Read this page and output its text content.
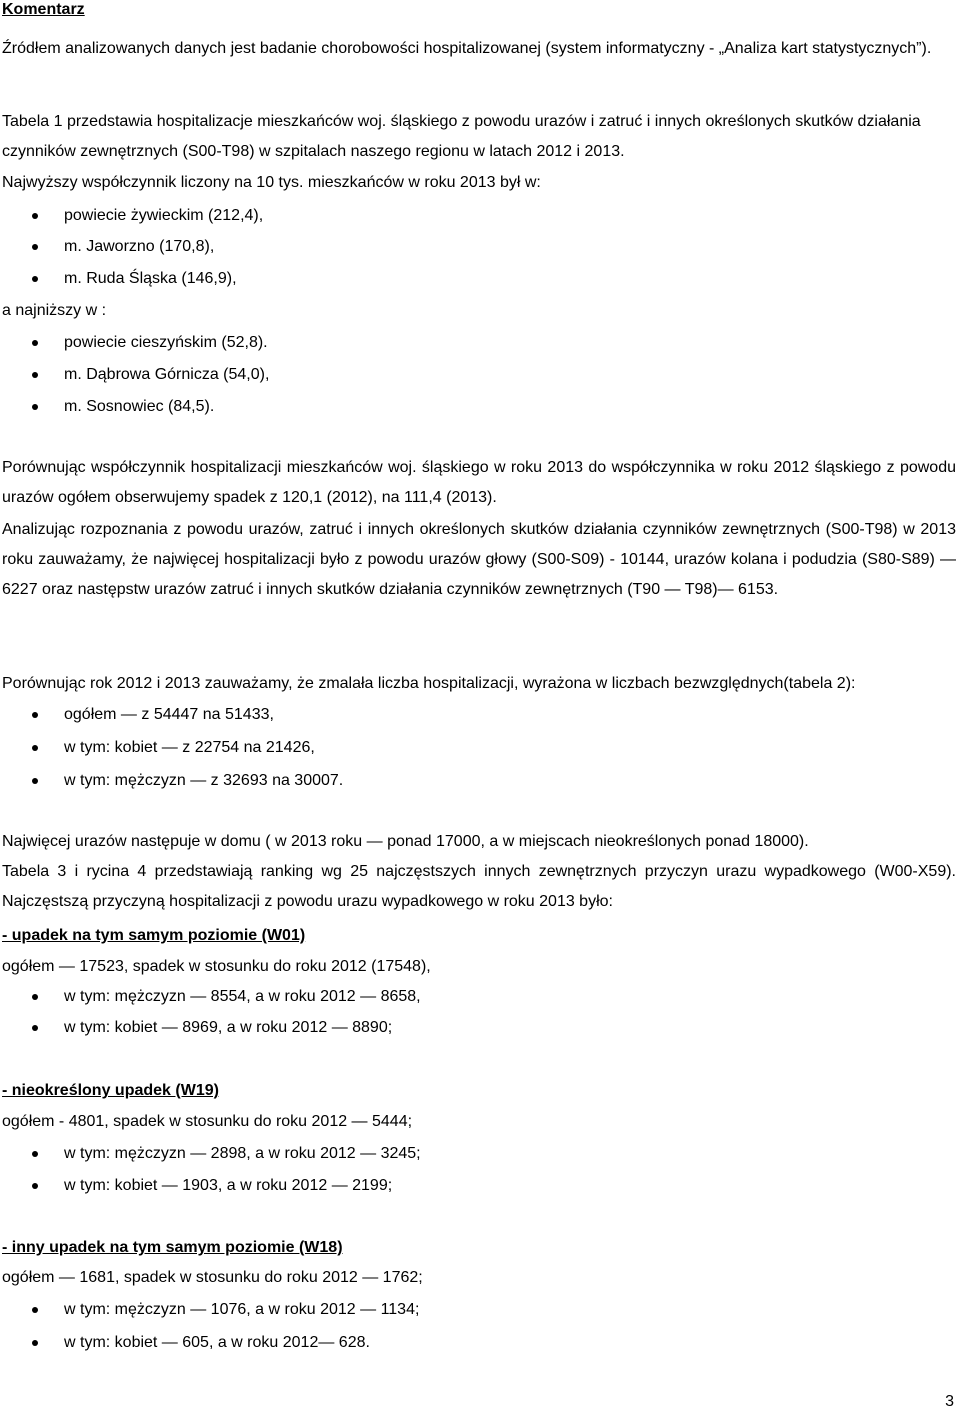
Komentarz

Źródłem analizowanych danych jest badanie chorobowości hospitalizowanej (system informatyczny - „Analiza kart statystycznych”).

Tabela 1 przedstawia hospitalizacje mieszkańców woj. śląskiego z powodu urazów i zatruć i innych określonych skutków działania czynników zewnętrznych (S00-T98) w szpitalach naszego regionu w latach 2012 i 2013.

Najwyższy współczynnik liczony na 10 tys. mieszkańców w roku 2013 był w:
powiecie żywieckim (212,4),
m. Jaworzno (170,8),
m. Ruda Śląska (146,9),
a najniższy w :
powiecie cieszyńskim (52,8).
m. Dąbrowa Górnicza (54,0),
m. Sosnowiec (84,5).

Porównując współczynnik hospitalizacji mieszkańców woj. śląskiego w roku 2013 do współczynnika w roku 2012 śląskiego z powodu urazów ogółem obserwujemy spadek z 120,1 (2012), na 111,4 (2013).

Analizując rozpoznania z powodu urazów, zatruć i innych określonych skutków działania czynników zewnętrznych (S00-T98) w 2013 roku zauważamy, że najwięcej hospitalizacji było z powodu urazów głowy (S00-S09) - 10144, urazów kolana i podudzia (S80-S89) — 6227 oraz następstw urazów zatruć i innych skutków działania czynników zewnętrznych (T90 — T98)— 6153.

Porównując rok 2012 i 2013 zauważamy, że zmalała liczba hospitalizacji, wyrażona w liczbach bezwzględnych(tabela 2):
ogółem — z 54447 na 51433,
w tym: kobiet — z 22754 na 21426,
w tym: mężczyzn — z 32693 na 30007.
Najwięcej urazów następuje w domu ( w 2013 roku — ponad 17000, a w miejscach nieokreślonych ponad 18000).

Tabela 3 i rycina 4 przedstawiają ranking wg 25 najczęstszych innych zewnętrznych przyczyn urazu wypadkowego (W00-X59). Najczęstszą przyczyną hospitalizacji z powodu urazu wypadkowego w roku 2013 było:

- upadek na tym samym poziomie (W01)
ogółem — 17523, spadek w stosunku do roku 2012 (17548),
w tym: mężczyzn — 8554, a w roku 2012 — 8658,
w tym: kobiet — 8969, a w roku 2012 — 8890;
- nieokreślony upadek (W19)
ogółem - 4801, spadek w stosunku do roku 2012 — 5444;
w tym: mężczyzn — 2898, a w roku 2012 — 3245;
w tym: kobiet — 1903, a w roku 2012 — 2199;
- inny upadek na tym samym poziomie (W18)
ogółem — 1681, spadek w stosunku do roku 2012 — 1762;
w tym: mężczyzn — 1076, a w roku 2012 — 1134;
w tym: kobiet — 605, a w roku 2012— 628.
3
